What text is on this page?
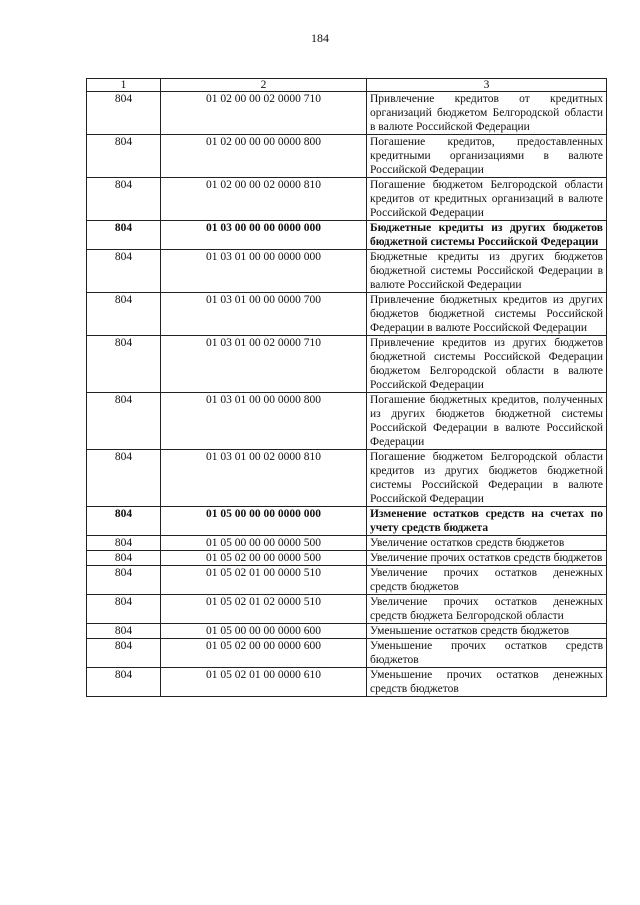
184
1	2	3
804	01 02 00 00 02 0000 710	Привлечение кредитов от кредитных организаций бюджетом Белгородской области в валюте Российской Федерации
804	01 02 00 00 00 0000 800	Погашение кредитов, предоставленных кредитными организациями в валюте Российской Федерации
804	01 02 00 00 02 0000 810	Погашение бюджетом Белгородской области кредитов от кредитных организаций в валюте Российской Федерации
804	01 03 00 00 00 0000 000	Бюджетные кредиты из других бюджетов бюджетной системы Российской Федерации
804	01 03 01 00 00 0000 000	Бюджетные кредиты из других бюджетов бюджетной системы Российской Федерации в валюте Российской Федерации
804	01 03 01 00 00 0000 700	Привлечение бюджетных кредитов из других бюджетов бюджетной системы Российской Федерации в валюте Российской Федерации
804	01 03 01 00 02 0000 710	Привлечение кредитов из других бюджетов бюджетной системы Российской Федерации бюджетом Белгородской области в валюте Российской Федерации
804	01 03 01 00 00 0000 800	Погашение бюджетных кредитов, полученных из других бюджетов бюджетной системы Российской Федерации в валюте Российской Федерации
804	01 03 01 00 02 0000 810	Погашение бюджетом Белгородской области кредитов из других бюджетов бюджетной системы Российской Федерации в валюте Российской Федерации
804	01 05 00 00 00 0000 000	Изменение остатков средств на счетах по учету средств бюджета
804	01 05 00 00 00 0000 500	Увеличение остатков средств бюджетов
804	01 05 02 00 00 0000 500	Увеличение прочих остатков средств бюджетов
804	01 05 02 01 00 0000 510	Увеличение прочих остатков денежных средств бюджетов
804	01 05 02 01 02 0000 510	Увеличение прочих остатков денежных средств бюджета Белгородской области
804	01 05 00 00 00 0000 600	Уменьшение остатков средств бюджетов
804	01 05 02 00 00 0000 600	Уменьшение прочих остатков средств бюджетов
804	01 05 02 01 00 0000 610	Уменьшение прочих остатков денежных средств бюджетов
